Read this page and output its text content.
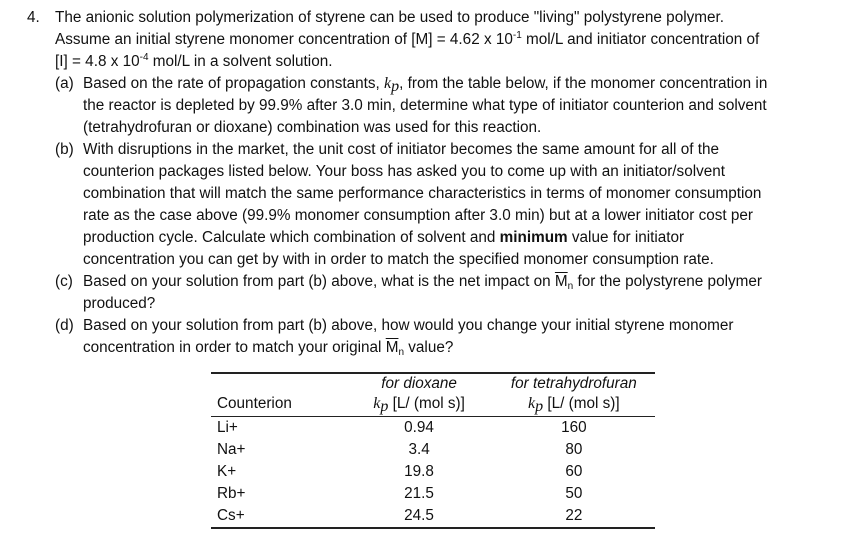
4. The anionic solution polymerization of styrene can be used to produce "living" polystyrene polymer.
Assume an initial styrene monomer concentration of [M] = 4.62 x $10^{-1}$ mol/L and initiator concentration of
[I] = 4.8 x $10^{-4}$ mol/L in a solvent solution.
(a) Based on the rate of propagation constants, $k_p$, from the table below, if the monomer concentration in
the reactor is depleted by 99.9% after 3.0 min, determine what type of initiator counterion and solvent
(tetrahydrofuran or dioxane) combination was used for this reaction.
(b) With disruptions in the market, the unit cost of initiator becomes the same amount for all of the
counterion packages listed below. Your boss has asked you to come up with an initiator/solvent
combination that will match the same performance characteristics in terms of monomer consumption
rate as the case above (99.9% monomer consumption after 3.0 min) but at a lower initiator cost per
production cycle. Calculate which combination of solvent and minimum value for initiator
concentration you can get by with in order to match the specified monomer consumption rate.
(c) Based on your solution from part (b) above, what is the net impact on $\overline{M}_n$ for the polystyrene polymer
produced?
(d) Based on your solution from part (b) above, how would you change your initial styrene monomer
concentration in order to match your original $\overline{M}_n$ value?

	for dioxane	for tetrahydrofuran
Counterion	$k_p$ [L/ (mol s)]	$k_p$ [L/ (mol s)]
Li+	0.94	160
Na+	3.4	80
K+	19.8	60
Rb+	21.5	50
Cs+	24.5	22
